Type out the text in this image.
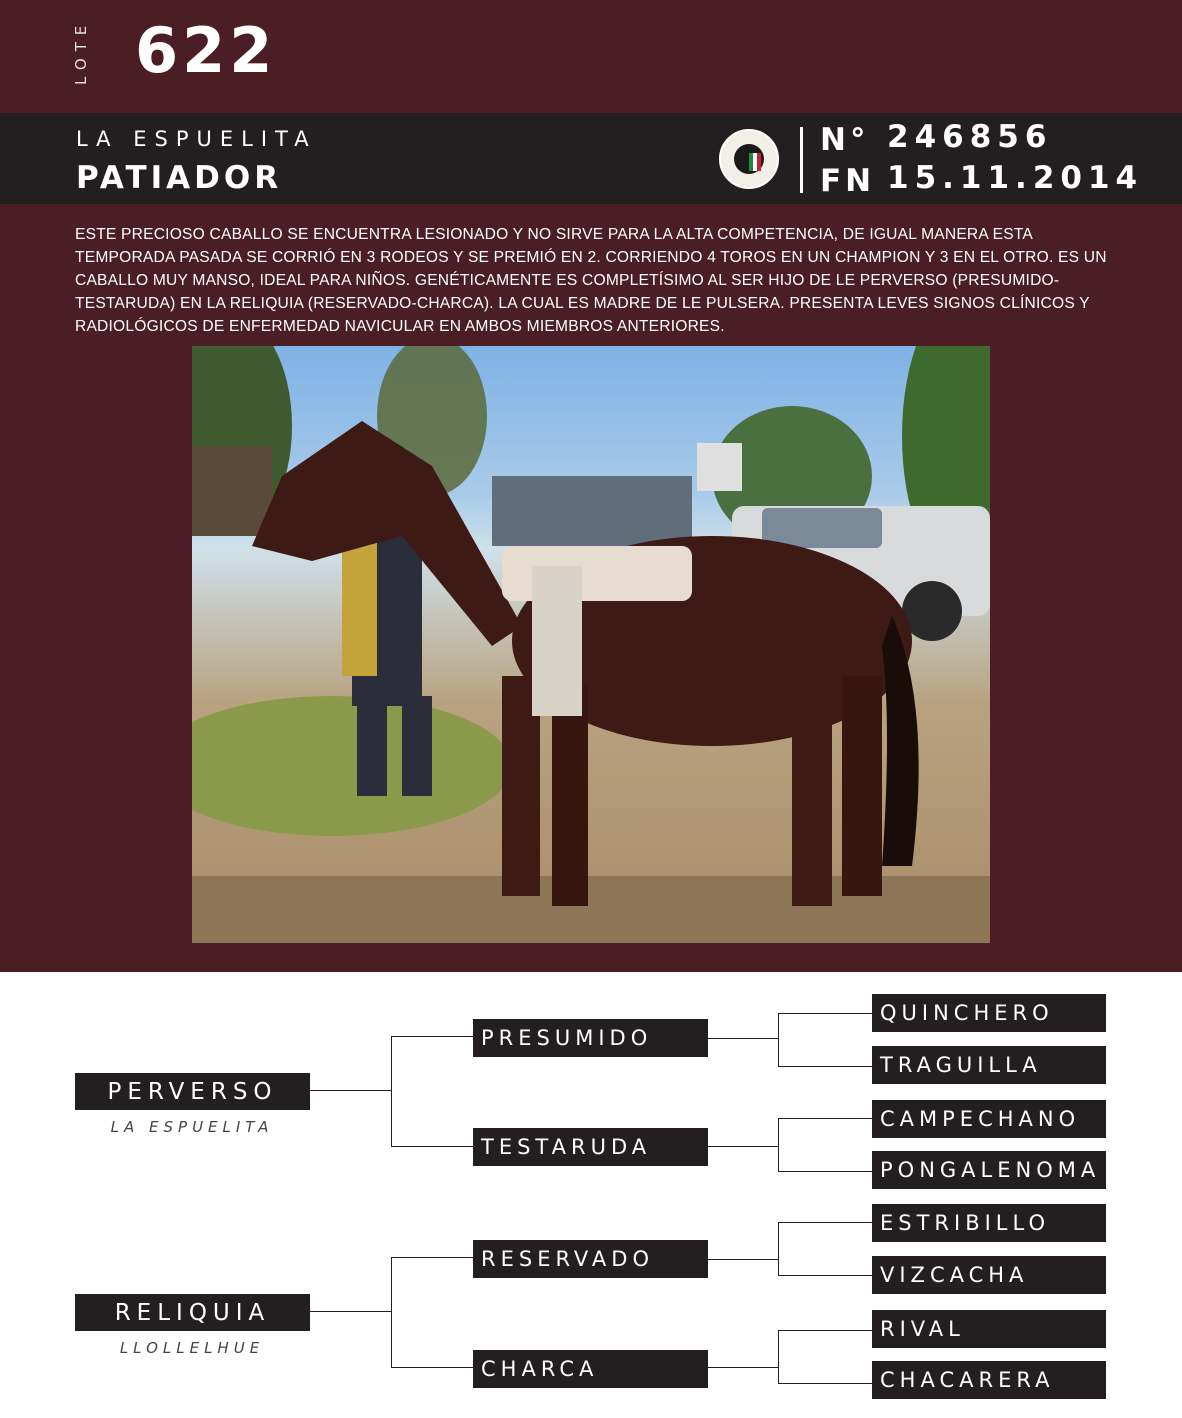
LOTE 622
LA ESPUELITA
PATIADOR
N° 246856
FN 15.11.2014
ESTE PRECIOSO CABALLO SE ENCUENTRA LESIONADO Y NO SIRVE PARA LA ALTA COMPETENCIA, DE IGUAL MANERA ESTA TEMPORADA PASADA SE CORRIÓ EN 3 RODEOS Y SE PREMIÓ EN 2. CORRIENDO 4 TOROS EN UN CHAMPION Y 3 EN EL OTRO. ES UN CABALLO MUY MANSO, IDEAL PARA NIÑOS. GENÉTICAMENTE ES COMPLETÍSIMO AL SER HIJO DE LE PERVERSO (PRESUMIDO-TESTARUDA) EN LA RELIQUIA (RESERVADO-CHARCA). LA CUAL ES MADRE DE LE PULSERA. PRESENTA LEVES SIGNOS CLÍNICOS Y RADIOLÓGICOS DE ENFERMEDAD NAVICULAR EN AMBOS MIEMBROS ANTERIORES.
PERVERSO
LA ESPUELITA
RELIQUIA
LLOLLELHUE
PRESUMIDO
TESTARUDA
RESERVADO
CHARCA
QUINCHERO
TRAGUILLA
CAMPECHANO
PONGALENOMA
ESTRIBILLO
VIZCACHA
RIVAL
CHACARERA
